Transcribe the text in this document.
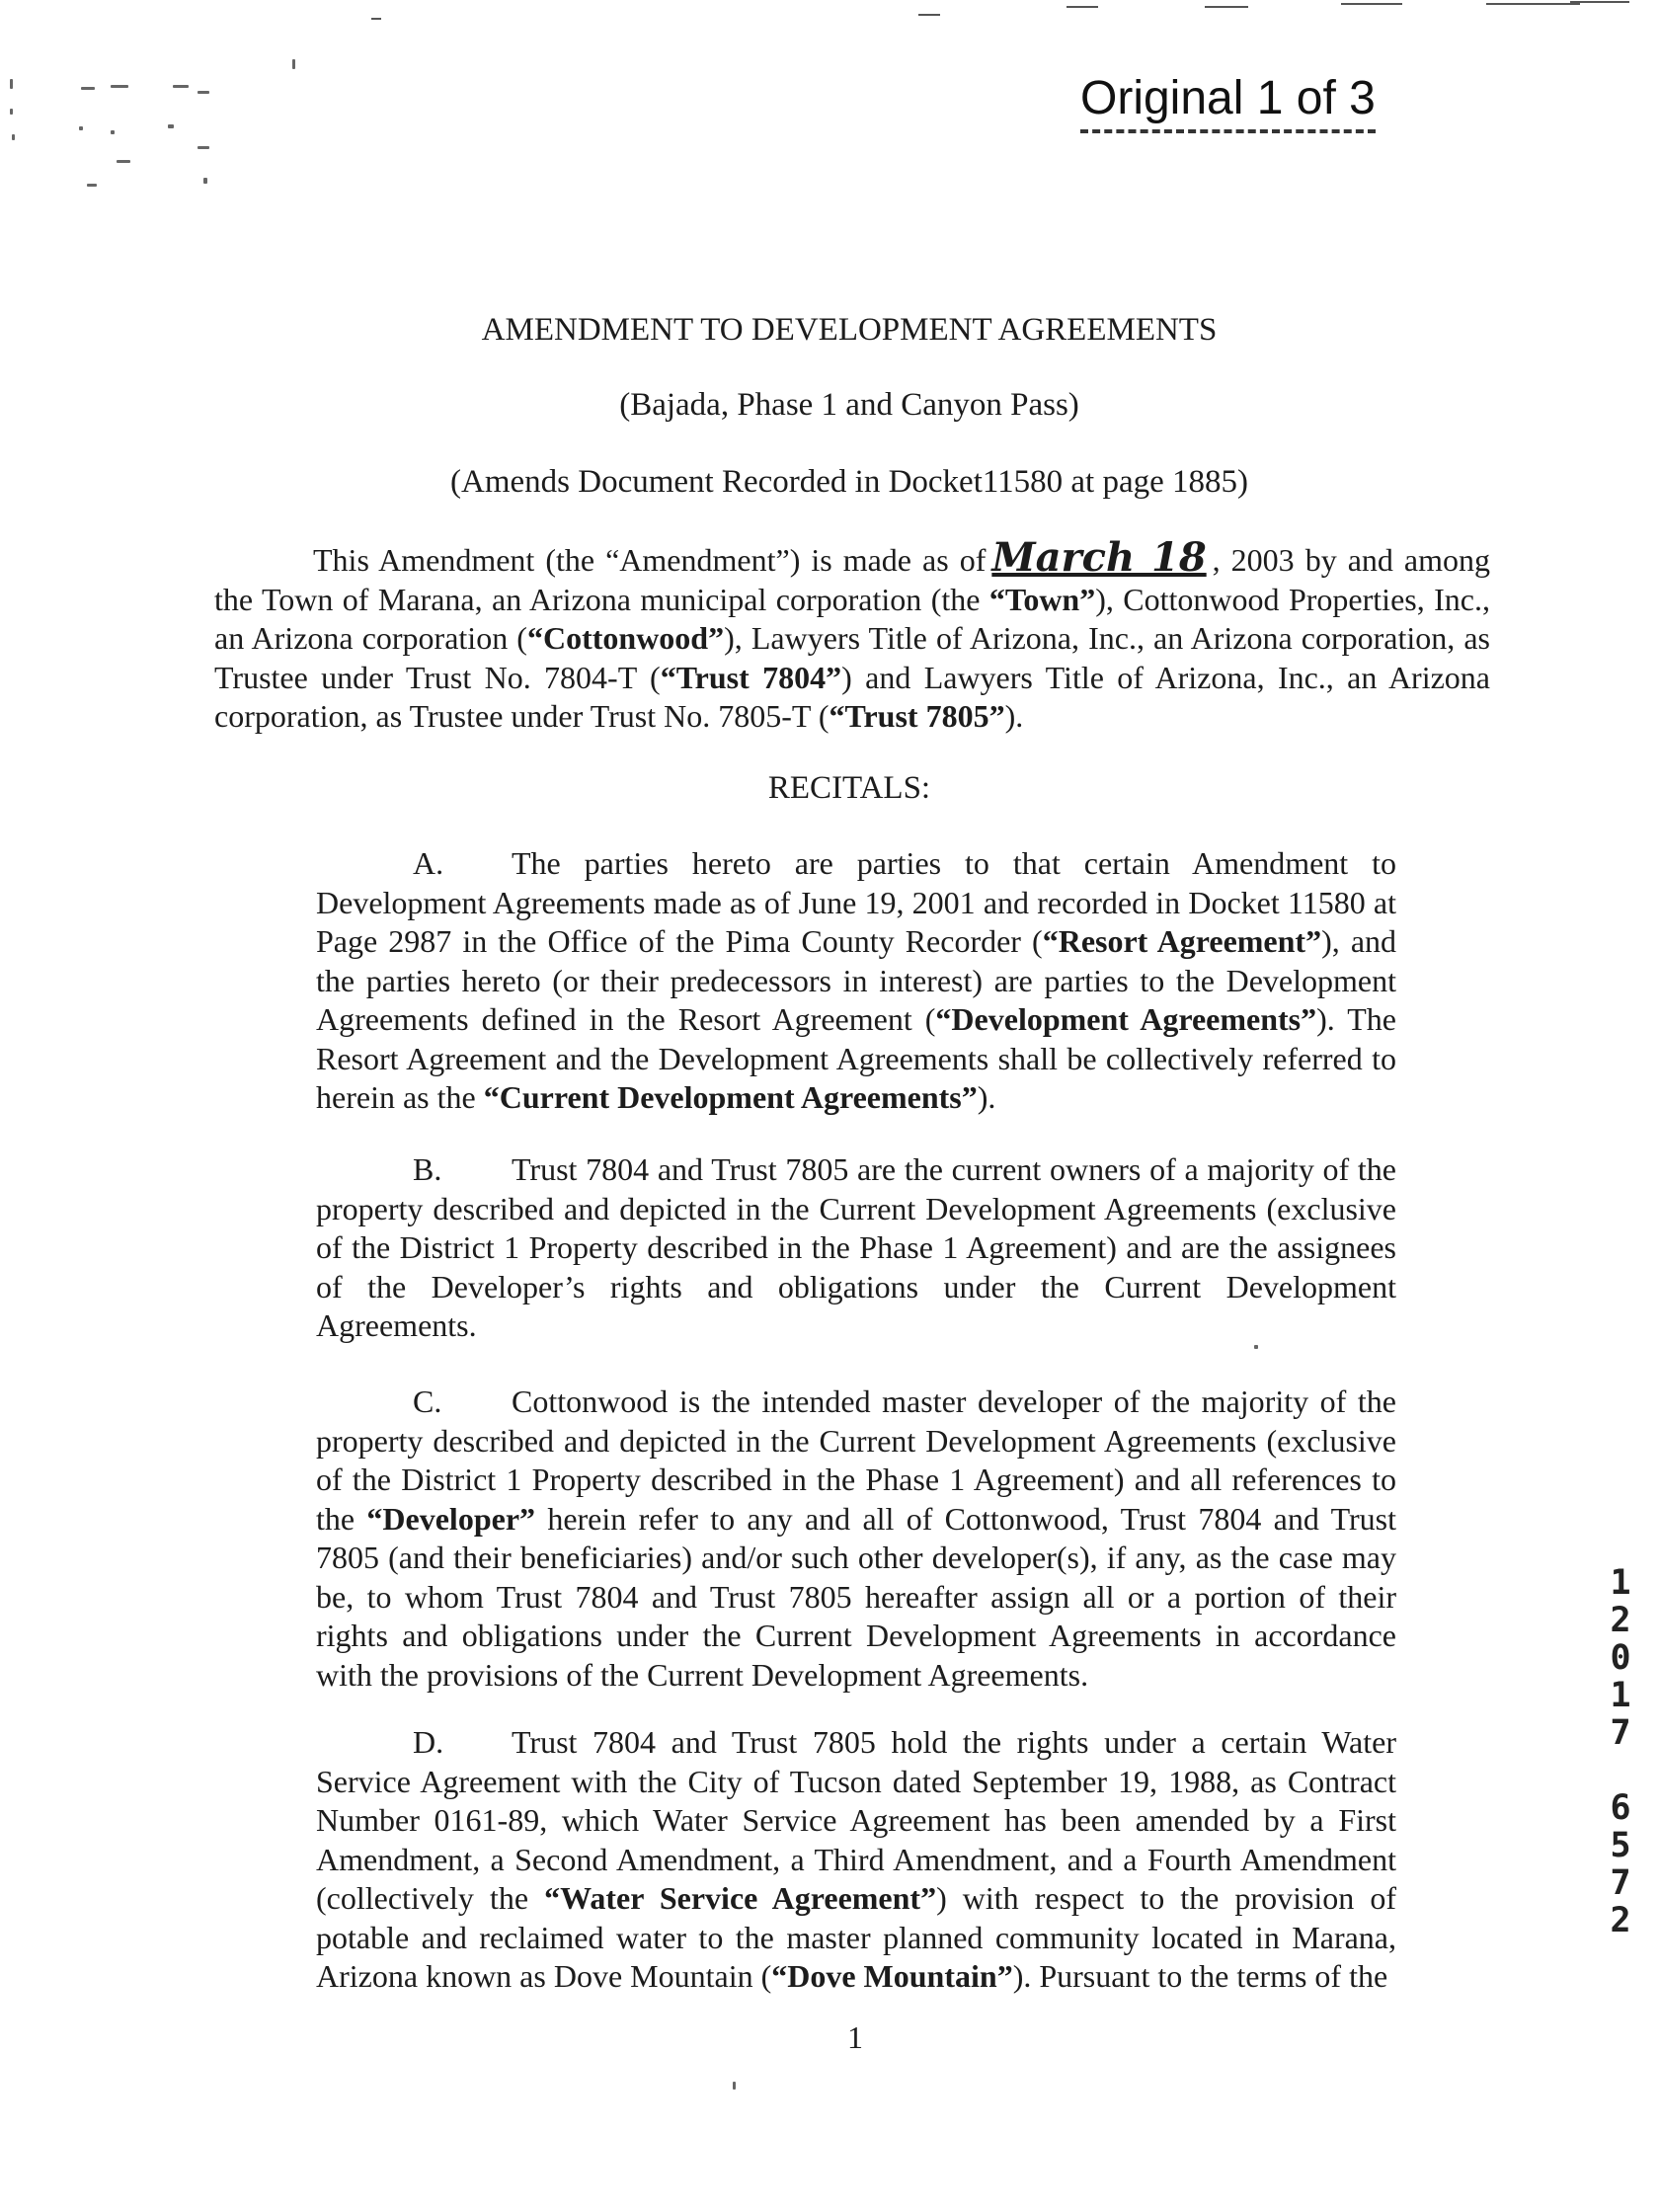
Original 1 of 3
AMENDMENT TO DEVELOPMENT AGREEMENTS
(Bajada, Phase 1 and Canyon Pass)
(Amends Document Recorded in Docket11580 at page 1885)
This Amendment (the “Amendment”) is made as of March 18 , 2003 by and among the Town of Marana, an Arizona municipal corporation (the “Town”), Cottonwood Properties, Inc., an Arizona corporation (“Cottonwood”), Lawyers Title of Arizona, Inc., an Arizona corporation, as Trustee under Trust No. 7804-T (“Trust 7804”) and Lawyers Title of Arizona, Inc., an Arizona corporation, as Trustee under Trust No. 7805-T (“Trust 7805”).
RECITALS:
A. The parties hereto are parties to that certain Amendment to Development Agreements made as of June 19, 2001 and recorded in Docket 11580 at Page 2987 in the Office of the Pima County Recorder (“Resort Agreement”), and the parties hereto (or their predecessors in interest) are parties to the Development Agreements defined in the Resort Agreement (“Development Agreements”). The Resort Agreement and the Development Agreements shall be collectively referred to herein as the “Current Development Agreements”).
B. Trust 7804 and Trust 7805 are the current owners of a majority of the property described and depicted in the Current Development Agreements (exclusive of the District 1 Property described in the Phase 1 Agreement) and are the assignees of the Developer’s rights and obligations under the Current Development Agreements.
C. Cottonwood is the intended master developer of the majority of the property described and depicted in the Current Development Agreements (exclusive of the District 1 Property described in the Phase 1 Agreement) and all references to the “Developer” herein refer to any and all of Cottonwood, Trust 7804 and Trust 7805 (and their beneficiaries) and/or such other developer(s), if any, as the case may be, to whom Trust 7804 and Trust 7805 hereafter assign all or a portion of their rights and obligations under the Current Development Agreements in accordance with the provisions of the Current Development Agreements.
D. Trust 7804 and Trust 7805 hold the rights under a certain Water Service Agreement with the City of Tucson dated September 19, 1988, as Contract Number 0161-89, which Water Service Agreement has been amended by a First Amendment, a Second Amendment, a Third Amendment, and a Fourth Amendment (collectively the “Water Service Agreement”) with respect to the provision of potable and reclaimed water to the master planned community located in Marana, Arizona known as Dove Mountain (“Dove Mountain”). Pursuant to the terms of the
1
1
2
0
1
7

6
5
7
2
